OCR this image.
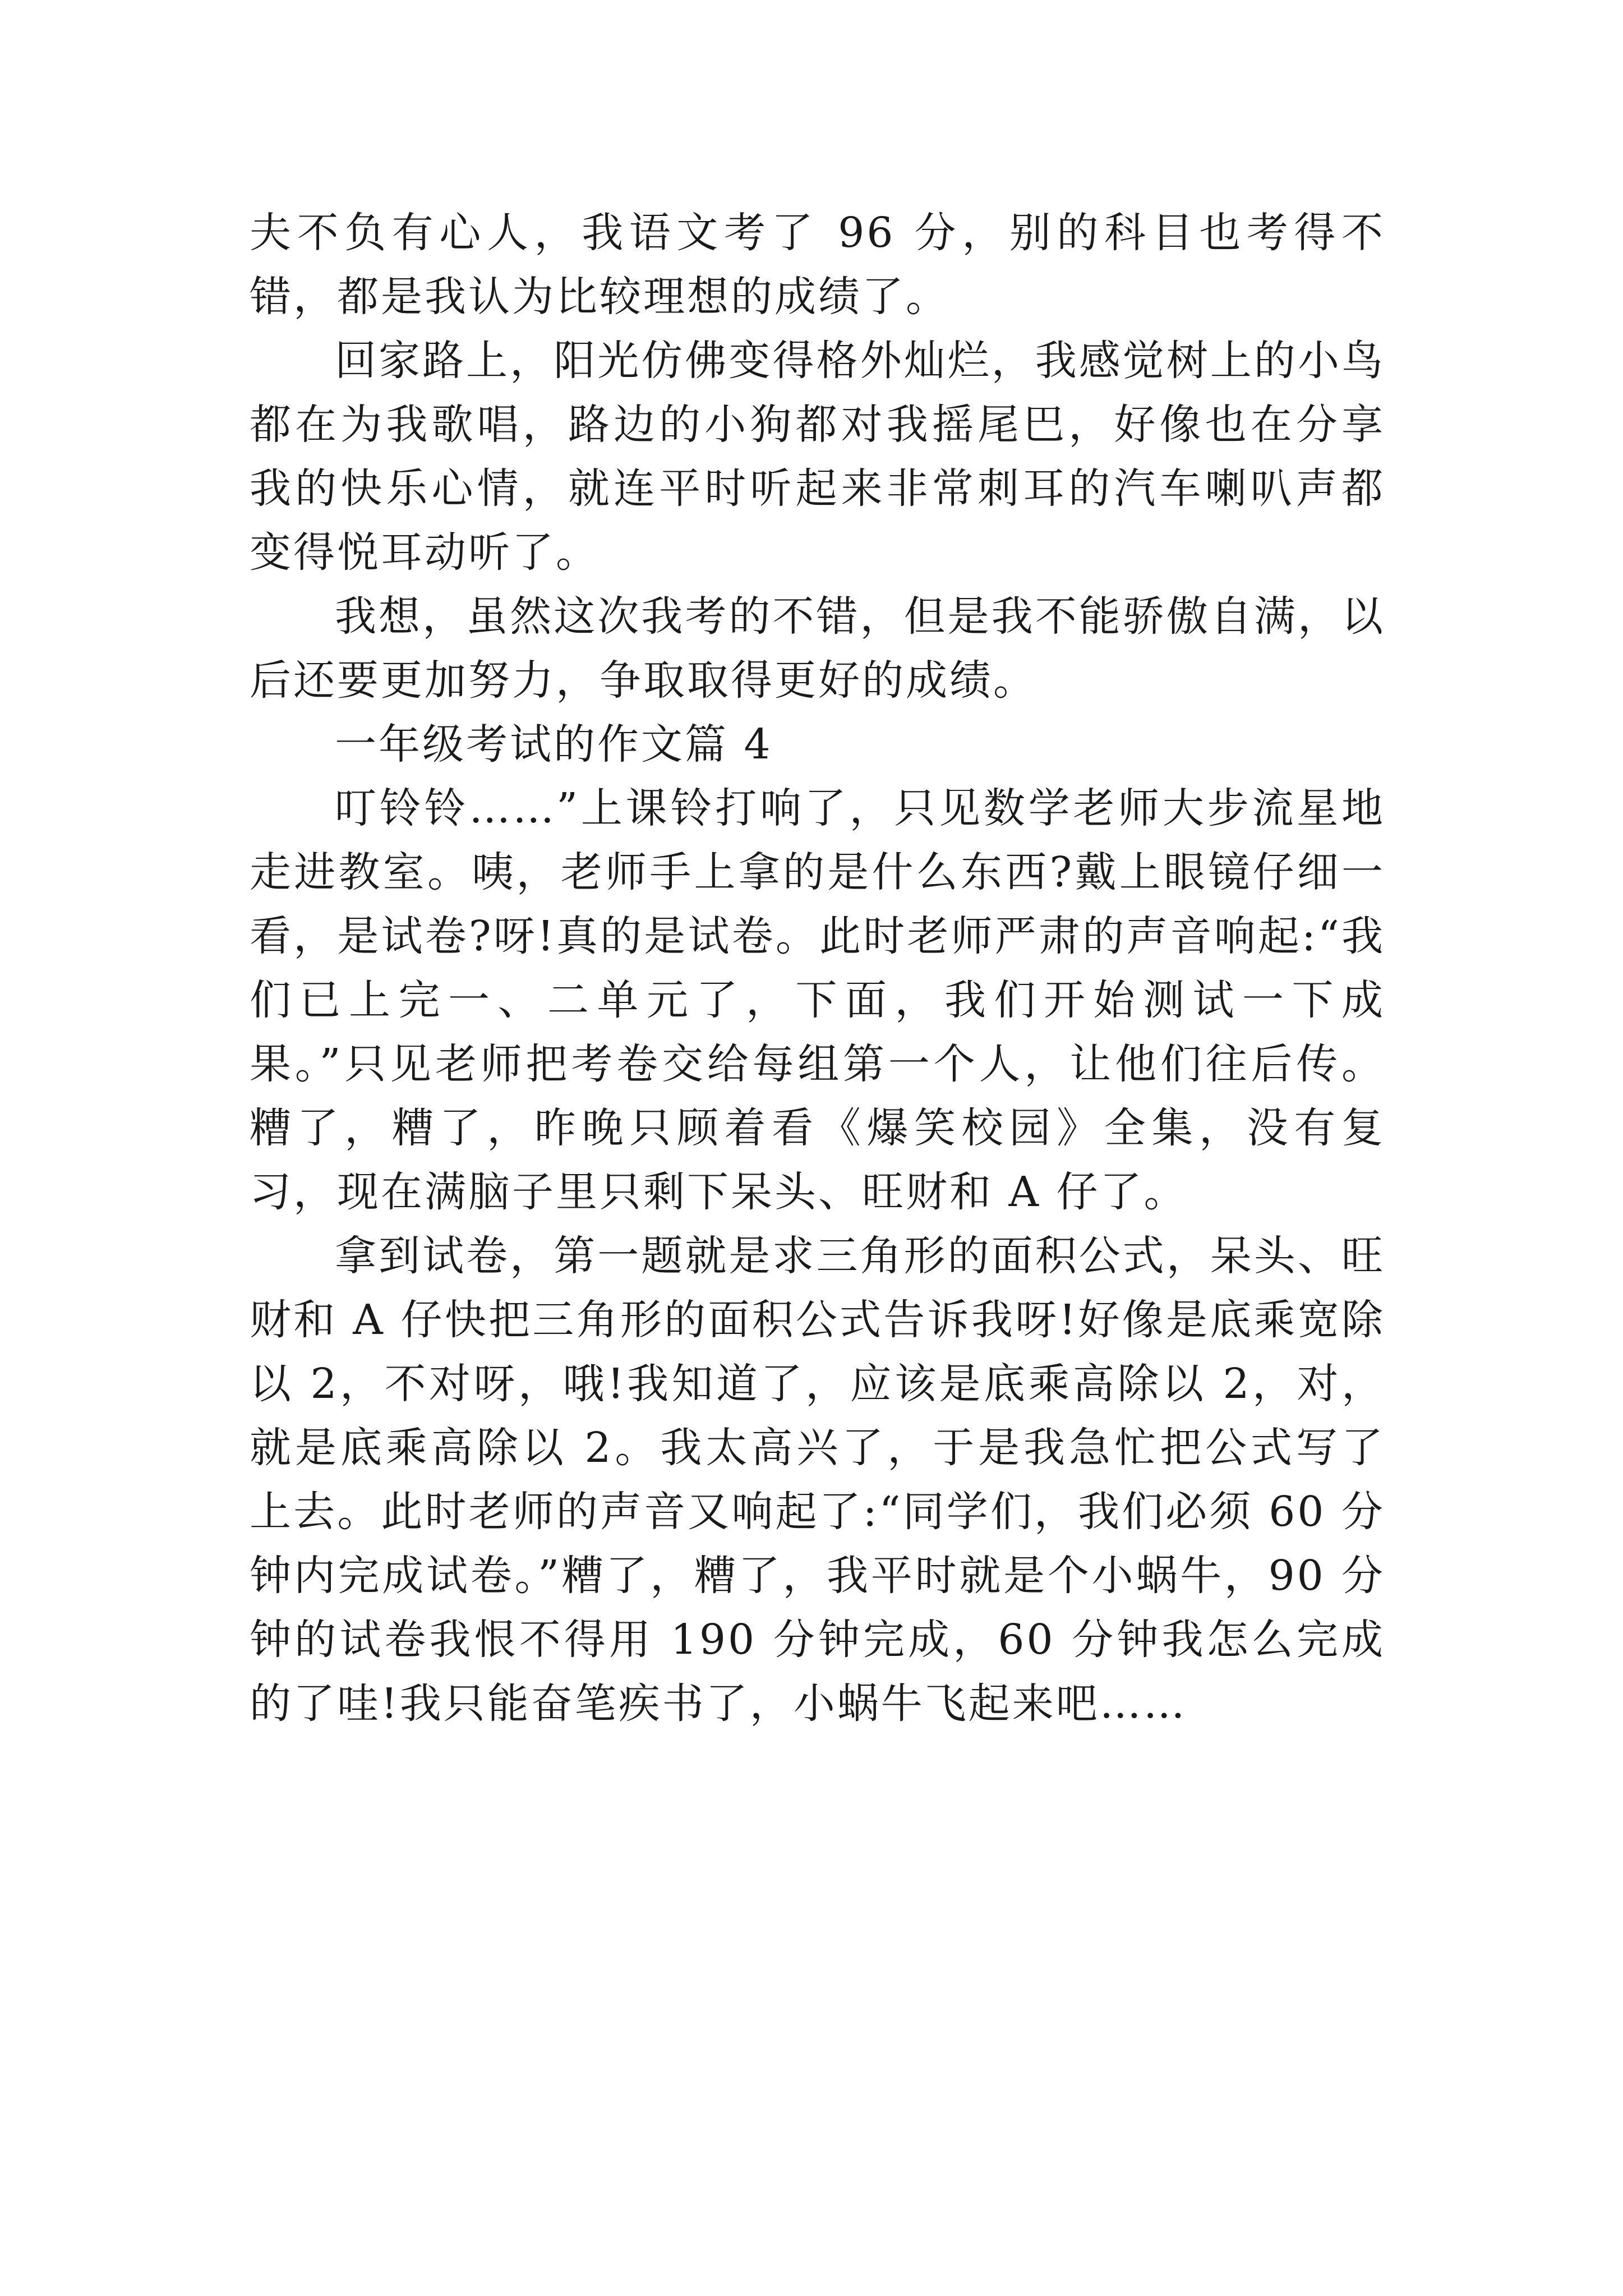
夫不负有心人，我语文考了 96 分，别的科目也考得不错，都是我认为比较理想的成绩了。

回家路上，阳光仿佛变得格外灿烂，我感觉树上的小鸟都在为我歌唱，路边的小狗都对我摇尾巴，好像也在分享我的快乐心情，就连平时听起来非常刺耳的汽车喇叭声都变得悦耳动听了。

我想，虽然这次我考的不错，但是我不能骄傲自满，以后还要更加努力，争取取得更好的成绩。

一年级考试的作文篇 4

叮铃铃……”上课铃打响了，只见数学老师大步流星地走进教室。咦，老师手上拿的是什么东西?戴上眼镜仔细一看，是试卷?呀!真的是试卷。此时老师严肃的声音响起:“我们已上完一、二单元了，下面，我们开始测试一下成果。”只见老师把考卷交给每组第一个人，让他们往后传。糟了，糟了，昨晚只顾着看《爆笑校园》全集，没有复习，现在满脑子里只剩下呆头、旺财和 A 仔了。

拿到试卷，第一题就是求三角形的面积公式，呆头、旺财和 A 仔快把三角形的面积公式告诉我呀!好像是底乘宽除以 2，不对呀，哦!我知道了，应该是底乘高除以 2，对，就是底乘高除以 2。我太高兴了，于是我急忙把公式写了上去。此时老师的声音又响起了:“同学们，我们必须 60 分钟内完成试卷。”糟了，糟了，我平时就是个小蜗牛，90 分钟的试卷我恨不得用 190 分钟完成，60 分钟我怎么完成的了哇!我只能奋笔疾书了，小蜗牛飞起来吧……
